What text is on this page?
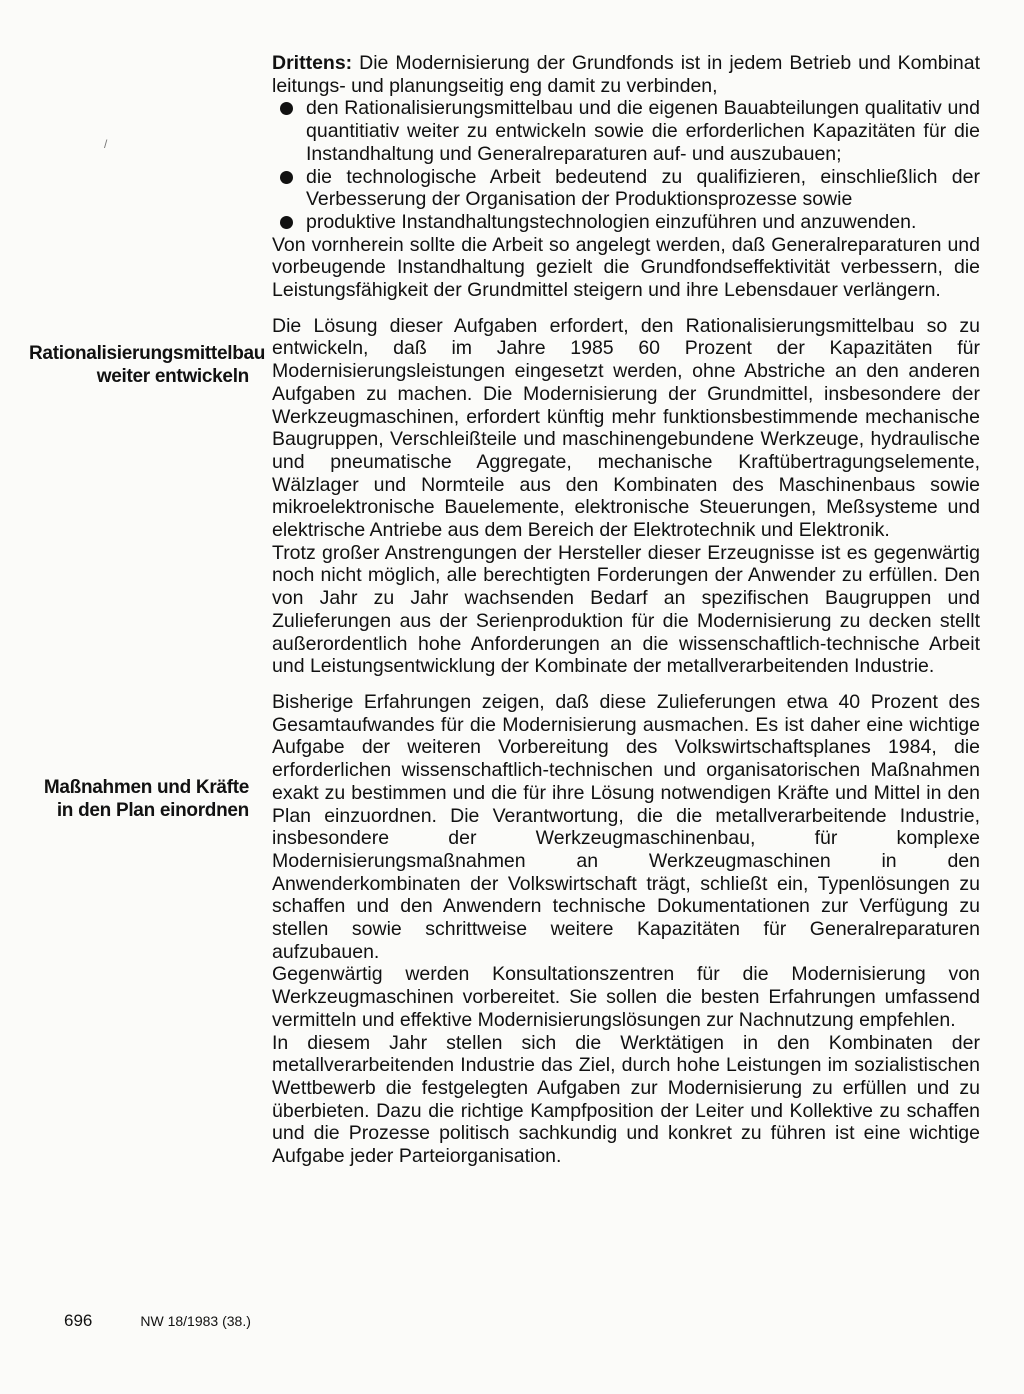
Drittens: Die Modernisierung der Grundfonds ist in jedem Betrieb und Kombinat leitungs- und planungseitig eng damit zu verbinden,

den Rationalisierungsmittelbau und die eigenen Bauabteilungen qualitativ und quantitiativ weiter zu entwickeln sowie die erforderlichen Kapazitäten für die Instandhaltung und Generalreparaturen auf- und auszubauen;

die technologische Arbeit bedeutend zu qualifizieren, einschließlich der Verbesserung der Organisation der Produktionsprozesse sowie

produktive Instandhaltungstechnologien einzuführen und anzuwenden.

Von vornherein sollte die Arbeit so angelegt werden, daß Generalreparaturen und vorbeugende Instandhaltung gezielt die Grundfondseffektivität verbessern, die Leistungsfähigkeit der Grundmittel steigern und ihre Lebensdauer verlängern.

Die Lösung dieser Aufgaben erfordert, den Rationalisierungsmittelbau so zu entwickeln, daß im Jahre 1985 60 Prozent der Kapazitäten für Modernisierungsleistungen eingesetzt werden, ohne Abstriche an den anderen Aufgaben zu machen. Die Modernisierung der Grundmittel, insbesondere der Werkzeugmaschinen, erfordert künftig mehr funktionsbestimmende mechanische Baugruppen, Verschleißteile und maschinengebundene Werkzeuge, hydraulische und pneumatische Aggregate, mechanische Kraftübertragungselemente, Wälzlager und Normteile aus den Kombinaten des Maschinenbaus sowie mikroelektronische Bauelemente, elektronische Steuerungen, Meßsysteme und elektrische Antriebe aus dem Bereich der Elektrotechnik und Elektronik.

Trotz großer Anstrengungen der Hersteller dieser Erzeugnisse ist es gegenwärtig noch nicht möglich, alle berechtigten Forderungen der Anwender zu erfüllen. Den von Jahr zu Jahr wachsenden Bedarf an spezifischen Baugruppen und Zulieferungen aus der Serienproduktion für die Modernisierung zu decken stellt außerordentlich hohe Anforderungen an die wissenschaftlich-technische Arbeit und Leistungsentwicklung der Kombinate der metallverarbeitenden Industrie.

Bisherige Erfahrungen zeigen, daß diese Zulieferungen etwa 40 Prozent des Gesamtaufwandes für die Modernisierung ausmachen. Es ist daher eine wichtige Aufgabe der weiteren Vorbereitung des Volkswirtschaftsplanes 1984, die erforderlichen wissenschaftlich-technischen und organisatorischen Maßnahmen exakt zu bestimmen und die für ihre Lösung notwendigen Kräfte und Mittel in den Plan einzuordnen. Die Verantwortung, die die metallverarbeitende Industrie, insbesondere der Werkzeugmaschinenbau, für komplexe Modernisierungsmaßnahmen an Werkzeugmaschinen in den Anwenderkombinaten der Volkswirtschaft trägt, schließt ein, Typenlösungen zu schaffen und den Anwendern technische Dokumentationen zur Verfügung zu stellen sowie schrittweise weitere Kapazitäten für Generalreparaturen aufzubauen.

Gegenwärtig werden Konsultationszentren für die Modernisierung von Werkzeugmaschinen vorbereitet. Sie sollen die besten Erfahrungen umfassend vermitteln und effektive Modernisierungslösungen zur Nachnutzung empfehlen.

In diesem Jahr stellen sich die Werktätigen in den Kombinaten der metallverarbeitenden Industrie das Ziel, durch hohe Leistungen im sozialistischen Wettbewerb die festgelegten Aufgaben zur Modernisierung zu erfüllen und zu überbieten. Dazu die richtige Kampfposition der Leiter und Kollektive zu schaffen und die Prozesse politisch sachkundig und konkret zu führen ist eine wichtige Aufgabe jeder Parteiorganisation.

Rationalisierungsmittelbau weiter entwickeln
Maßnahmen und Kräfte in den Plan einordnen
696	NW 18/1983 (38.)
/
